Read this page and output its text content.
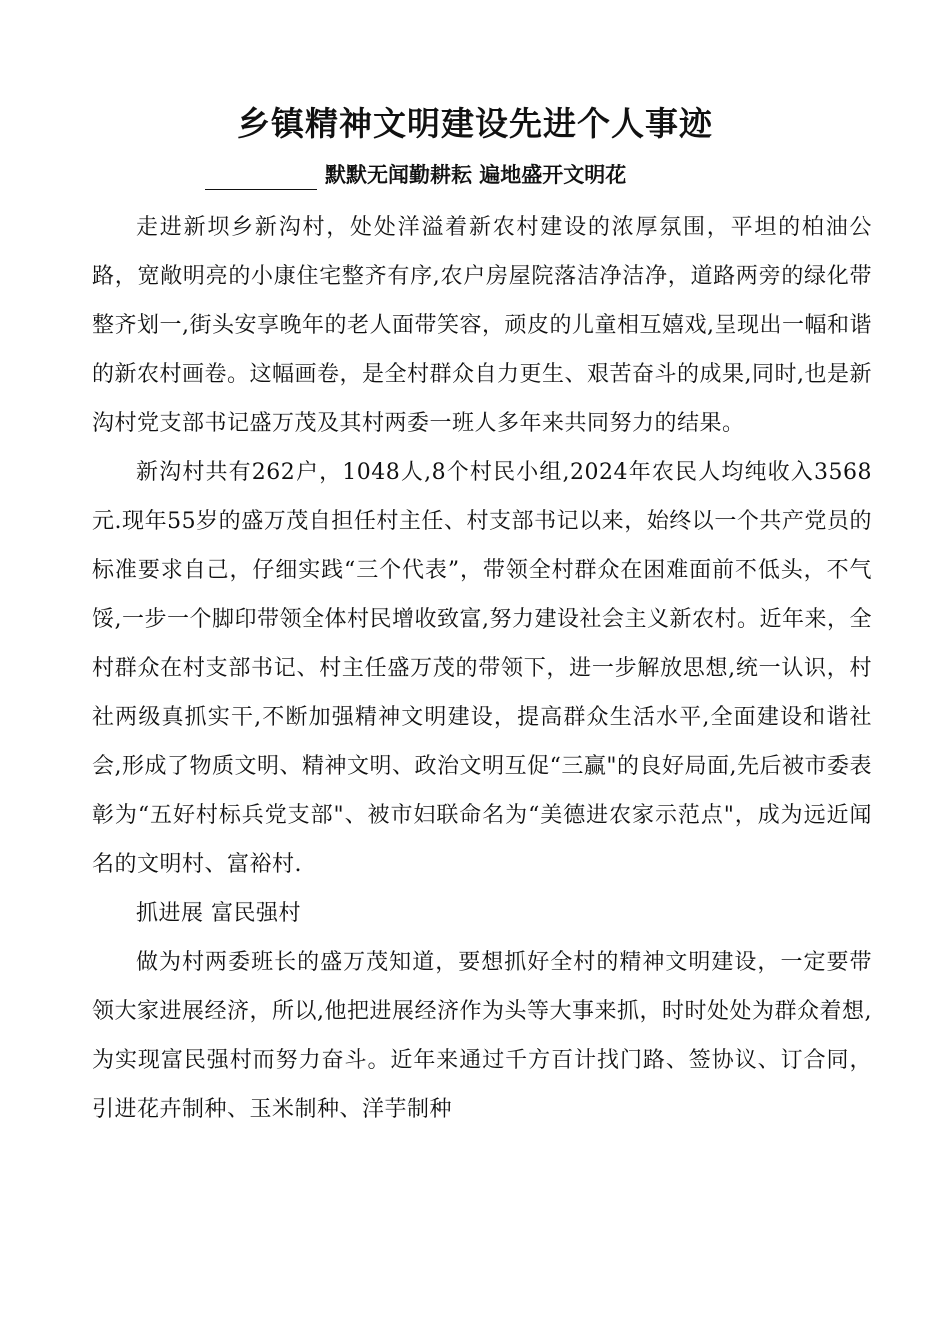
乡镇精神文明建设先进个人事迹
默默无闻勤耕耘 遍地盛开文明花

走进新坝乡新沟村，处处洋溢着新农村建设的浓厚氛围，平坦的柏油公路，宽敞明亮的小康住宅整齐有序,农户房屋院落洁净洁净，道路两旁的绿化带整齐划一,街头安享晚年的老人面带笑容，顽皮的儿童相互嬉戏,呈现出一幅和谐的新农村画卷。这幅画卷，是全村群众自力更生、艰苦奋斗的成果,同时,也是新沟村党支部书记盛万茂及其村两委一班人多年来共同努力的结果。

新沟村共有262户，1048人,8个村民小组,2024年农民人均纯收入3568元.现年55岁的盛万茂自担任村主任、村支部书记以来，始终以一个共产党员的标准要求自己，仔细实践“三个代表”，带领全村群众在困难面前不低头，不气馁,一步一个脚印带领全体村民增收致富,努力建设社会主义新农村。近年来，全村群众在村支部书记、村主任盛万茂的带领下，进一步解放思想,统一认识，村社两级真抓实干,不断加强精神文明建设，提高群众生活水平,全面建设和谐社会,形成了物质文明、精神文明、政治文明互促“三赢"的良好局面,先后被市委表彰为“五好村标兵党支部"、被市妇联命名为“美德进农家示范点"，成为远近闻名的文明村、富裕村.

抓进展 富民强村

做为村两委班长的盛万茂知道，要想抓好全村的精神文明建设，一定要带领大家进展经济，所以,他把进展经济作为头等大事来抓，时时处处为群众着想,为实现富民强村而努力奋斗。近年来通过千方百计找门路、签协议、订合同，引进花卉制种、玉米制种、洋芋制种
